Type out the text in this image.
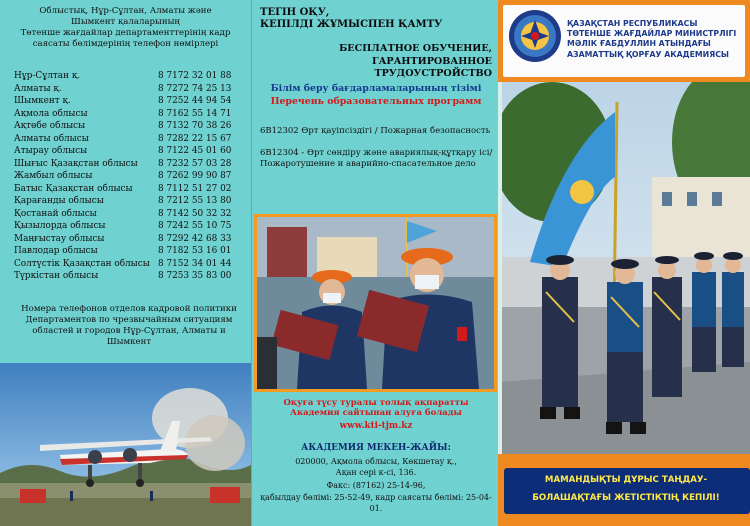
Облыстық, Нұр-Сұлтан, Алматы және
Шымкент қалаларының
Төтенше жағдайлар департаменттерінің кадр
саясаты бөлімдерінің телефон нөмірлері
Нұр-Сұлтан қ.	8 7172 32 01 88
Алматы қ.	8 7272 74 25 13
Шымкент қ.	8 7252 44 94 54
Ақмола облысы	8 7162 55 14 71
Ақтөбе облысы	8 7132 70 38 26
Алматы облысы	8 7282 22 15 67
Атырау облысы	8 7122 45 01 60
Шығыс Қазақстан облысы 8 7232 57 03 28
Жамбыл облысы	8 7262 99 90 87
Батыс Қазақстан облысы	8 7112 51 27 02
Қарағанды облысы	8 7212 55 13 80
Қостанай облысы	8 7142 50 32 32
Қызылорда облысы	8 7242 55 10 75
Маңғыстау облысы	8 7292 42 68 33
Павлодар облысы	8 7182 53 16 01
Солтүстік Қазақстан облысы 8 7152 34 01 44
Түркістан облысы	8 7253 35 83 00
Номера телефонов отделов кадровой политики
Департаментов по чрезвычайным ситуациям
областей и городов Нұр-Сұлтан, Алматы и
Шымкент
ТЕГІН ОҚУ,
КЕПІЛДІ ЖҰМЫСПЕН ҚАМТУ
БЕСПЛАТНОЕ ОБУЧЕНИЕ,
ГАРАНТИРОВАННОЕ ТРУДОУСТРОЙСТВО
Білім беру бағдарламаларының тізімі
Перечень образовательных программ
6В12302 Өрт қауіпсіздігі / Пожарная безопасность
6В12304 - Өрт сөндіру және авариялық-құтқару ісі/ Пожаротушение и аварийно-спасательное дело
Оқуға түсу туралы толық ақпаратты
Академия сайтынан алуға болады
www.kti-tjm.kz
АКАДЕМИЯ МЕКЕН-ЖАЙЫ:
020000, Ақмола облысы, Көкшетау қ.,
Ақан сері к-сі, 136.
Факс: (87162) 25-14-96,
қабылдау бөлімі: 25-52-49, кадр саясаты бөлімі: 25-04-01.
ҚАЗАҚСТАН РЕСПУБЛИКАСЫ
ТӨТЕНШЕ ЖАҒДАЙЛАР МИНИСТРЛІГІ
МӘЛІК ҒАБДУЛЛИН АТЫНДАҒЫ
АЗАМАТТЫҚ ҚОРҒАУ АКАДЕМИЯСЫ
МАМАНДЫҚТЫ ДҰРЫС ТАҢДАУ-
БОЛАШАҚТАҒЫ ЖЕТІСТІКТІҢ КЕПІЛІ!
